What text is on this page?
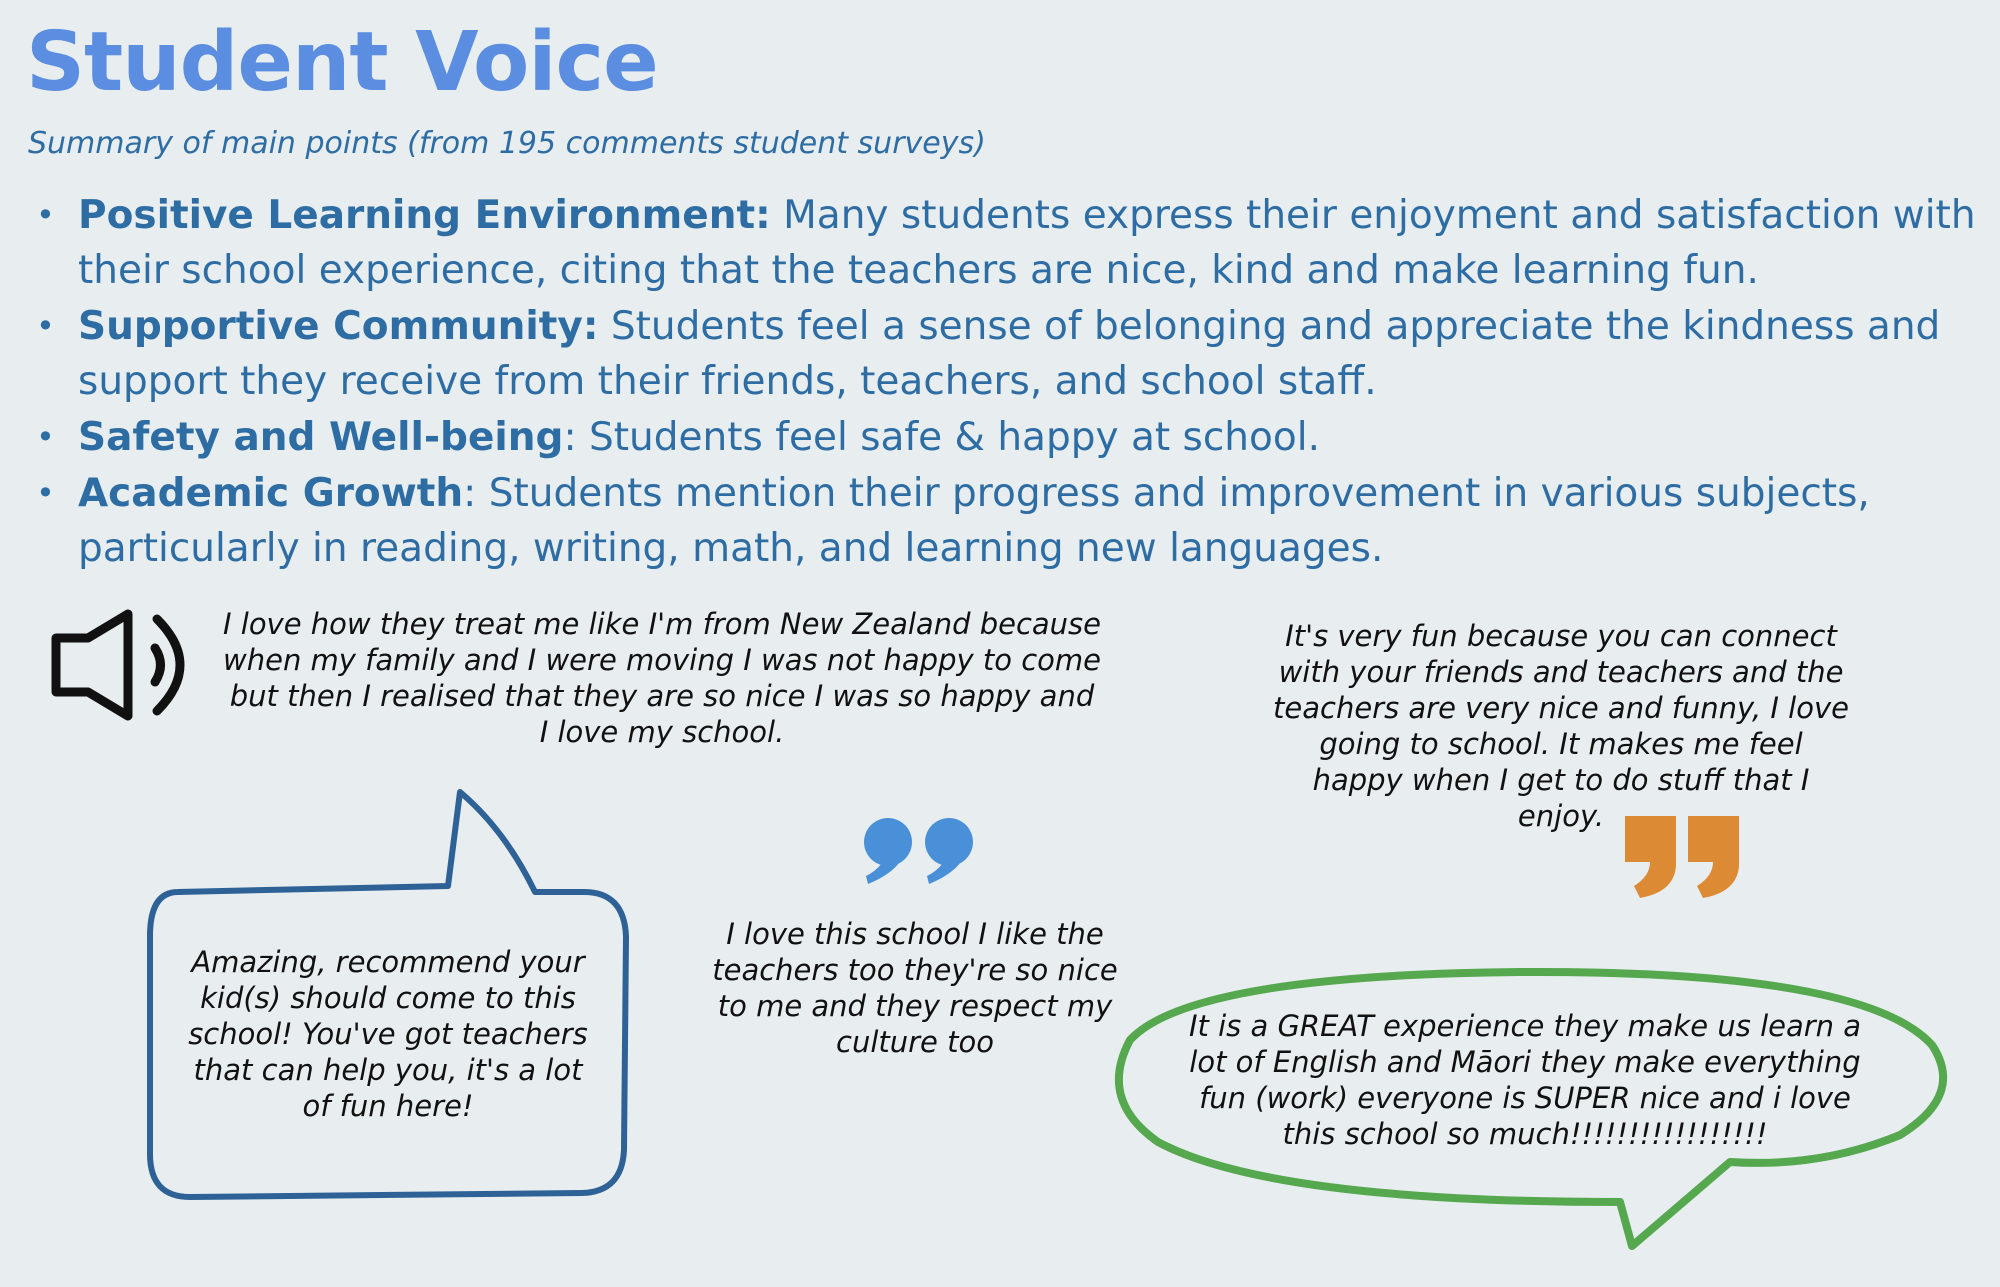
Student Voice

Summary of main points (from 195 comments student surveys)

• Positive Learning Environment: Many students express their enjoyment and satisfaction with their school experience, citing that the teachers are nice, kind and make learning fun.
• Supportive Community: Students feel a sense of belonging and appreciate the kindness and support they receive from their friends, teachers, and school staff.
• Safety and Well-being: Students feel safe & happy at school.
• Academic Growth: Students mention their progress and improvement in various subjects, particularly in reading, writing, math, and learning new languages.

I love how they treat me like I'm from New Zealand because when my family and I were moving I was not happy to come but then I realised that they are so nice I was so happy and I love my school.

It's very fun because you can connect with your friends and teachers and the teachers are very nice and funny, I love going to school. It makes me feel happy when I get to do stuff that I enjoy.

Amazing, recommend your kid(s) should come to this school! You've got teachers that can help you, it's a lot of fun here!

I love this school I like the teachers too they're so nice to me and they respect my culture too	It is a GREAT experience they make us learn a lot of English and Māori they make everything fun (work) everyone is SUPER nice and i love this school so much!!!!!!!!!!!!!!!!!
